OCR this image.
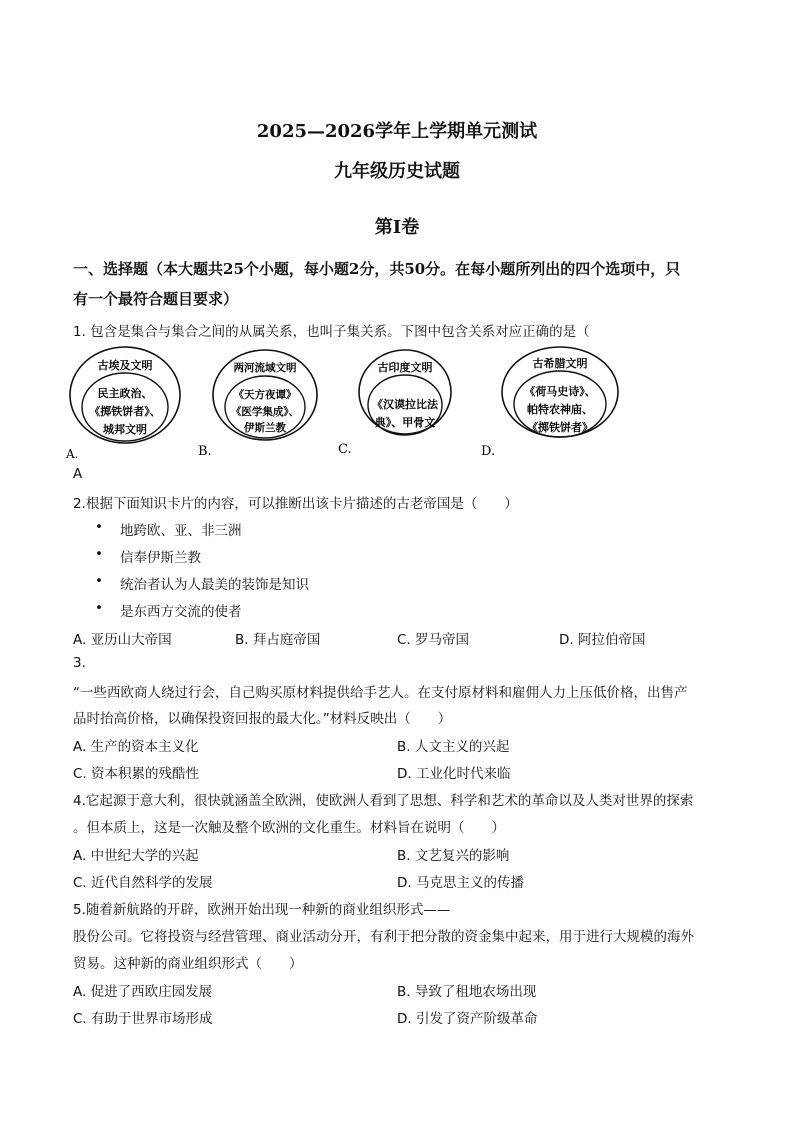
2025—2026学年上学期单元测试
九年级历史试题
第I卷
一、选择题（本大题共25个小题，每小题2分，共50分。在每小题所列出的四个选项中，只
有一个最符合题目要求）
1. 包含是集合与集合之间的从属关系，也叫子集关系。下图中包含关系对应正确的是（
古埃及文明
民主政治、
《掷铁饼者》、
城邦文明
A.
两河流域文明
《天方夜谭》
《医学集成》、
伊斯兰教
B.
古印度文明
《汉谟拉比法
典》、甲骨文
C.
古希腊文明
《荷马史诗》、
帕特农神庙、
《掷铁饼者》
D.
A
2.根据下面知识卡片的内容，可以推断出该卡片描述的古老帝国是（　　）
• 地跨欧、亚、非三洲
• 信奉伊斯兰教
• 统治者认为人最美的装饰是知识
• 是东西方交流的使者
A. 亚历山大帝国	B. 拜占庭帝国	C. 罗马帝国	D. 阿拉伯帝国
3.
“一些西欧商人绕过行会，自己购买原材料提供给手艺人。在支付原材料和雇佣人力上压低价格，出售产
品时抬高价格，以确保投资回报的最大化。”材料反映出（　　）
A. 生产的资本主义化	B. 人文主义的兴起
C. 资本积累的残酷性	D. 工业化时代来临
4.它起源于意大利，很快就涵盖全欧洲，使欧洲人看到了思想、科学和艺术的革命以及人类对世界的探索
。但本质上，这是一次触及整个欧洲的文化重生。材料旨在说明（　　）
A. 中世纪大学的兴起	B. 文艺复兴的影响
C. 近代自然科学的发展	D. 马克思主义的传播
5.随着新航路的开辟，欧洲开始出现一种新的商业组织形式——
股份公司。它将投资与经营管理、商业活动分开，有利于把分散的资金集中起来，用于进行大规模的海外
贸易。这种新的商业组织形式（　　）
A. 促进了西欧庄园发展	B. 导致了租地农场出现
C. 有助于世界市场形成	D. 引发了资产阶级革命
